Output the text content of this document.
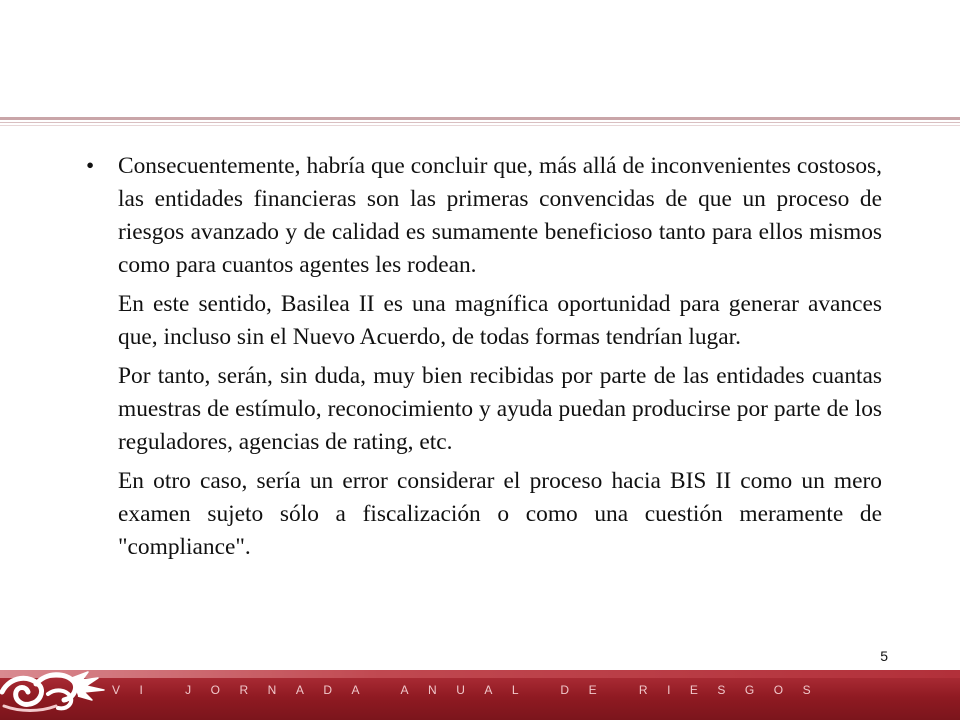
•	Consecuentemente, habría que concluir que, más allá de inconvenientes costosos, las entidades financieras son las primeras convencidas de que un proceso de riesgos avanzado y de calidad es sumamente beneficioso tanto para ellos mismos como para cuantos agentes les rodean.

En este sentido, Basilea II es una magnífica oportunidad para generar avances que, incluso sin el Nuevo Acuerdo, de todas formas tendrían lugar.

Por tanto, serán, sin duda, muy bien recibidas por parte de las entidades cuantas muestras de estímulo, reconocimiento y ayuda puedan producirse por parte de los reguladores, agencias de rating, etc.

En otro caso, sería un error considerar el proceso hacia BIS II como un mero examen sujeto sólo a fiscalización o como una cuestión meramente de "compliance".

5
VI JORNADA ANUAL DE RIESGOS
